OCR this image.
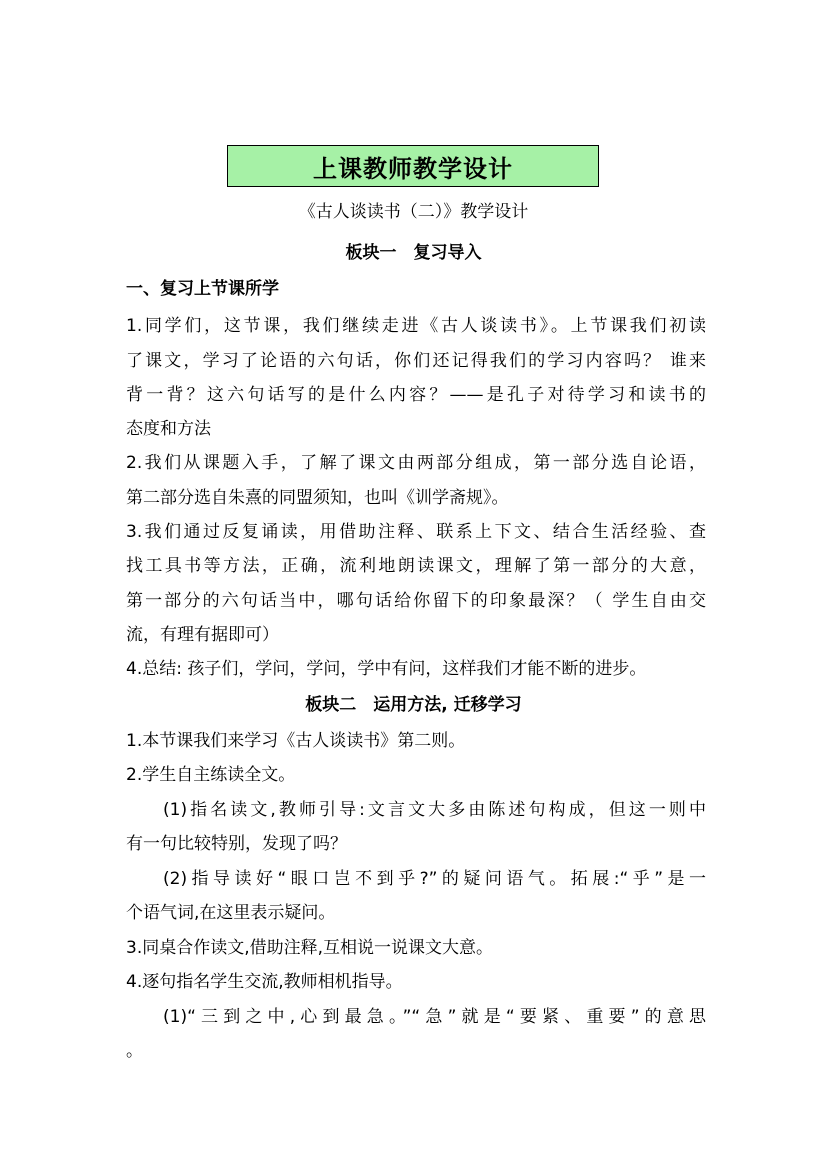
上课教师教学设计
《古人谈读书（二）》教学设计
板块一　复习导入
一、复习上节课所学
1.同学们，这节课，我们继续走进《古人谈读书》。上节课我们初读
了课文，学习了论语的六句话，你们还记得我们的学习内容吗？ 谁来
背一背？这六句话写的是什么内容？——是孔子对待学习和读书的
态度和方法
2.我们从课题入手，了解了课文由两部分组成，第一部分选自论语，
第二部分选自朱熹的同盟须知，也叫《训学斋规》。
3.我们通过反复诵读，用借助注释、联系上下文、结合生活经验、查
找工具书等方法，正确，流利地朗读课文，理解了第一部分的大意，
第一部分的六句话当中，哪句话给你留下的印象最深？（ 学生自由交
流，有理有据即可）
4.总结: 孩子们，学问，学问，学中有问，这样我们才能不断的进步。
板块二　运用方法, 迁移学习
1.本节课我们来学习《古人谈读书》第二则。
2.学生自主练读全文。
(1)指名读文,教师引导:文言文大多由陈述句构成，但这一则中
有一句比较特别，发现了吗？
(2)指导读好“眼口岂不到乎?”的疑问语气。拓展:“乎”是一
个语气词,在这里表示疑问。
3.同桌合作读文,借助注释,互相说一说课文大意。
4.逐句指名学生交流,教师相机指导。
(1)“三到之中,心到最急。”“急”就是“要紧、重要”的意思
。
